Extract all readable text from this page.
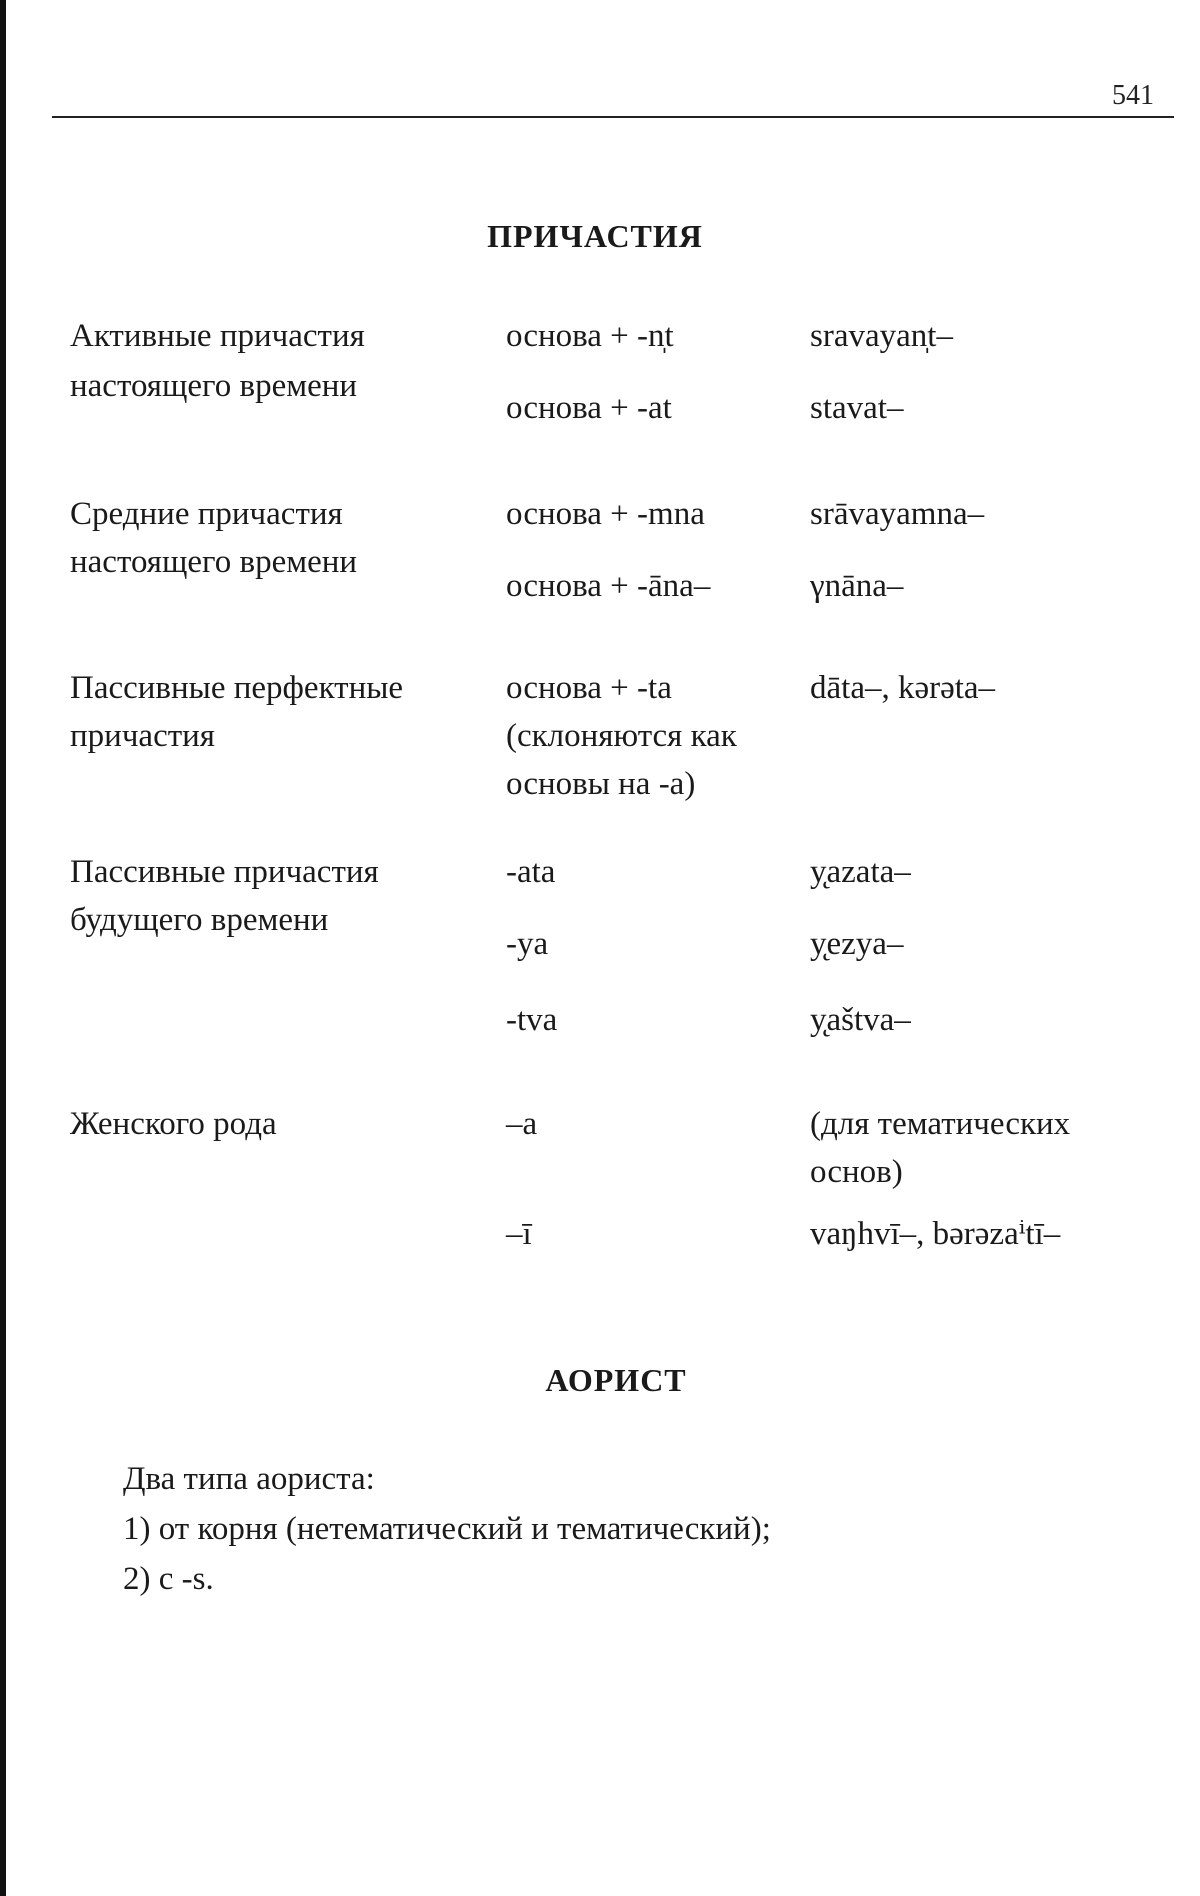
541
ПРИЧАСТИЯ
Активные причастия	основа + -n̩t	sravayan̩t–
настоящего времени
основа + -at	stavat–
Средние причастия	основа + -mna	srāvayamna–
настоящего времени
основа + -āna–	γnāna–
Пассивные перфектные	основа + -ta	dāta–, kərəta–
причастия	(склоняются как
основы на -a)
Пассивные причастия	-ata	y̨azata–
будущего времени
-ya	y̨ezya–
-tva	y̨aštva–
Женского рода	–a	(для тематических
основ)
–ī	vaŋhvī–, bərəzaⁱtī–
АОРИСТ
Два типа аориста:
1) от корня (нетематический и тематический);
2) с -s.
